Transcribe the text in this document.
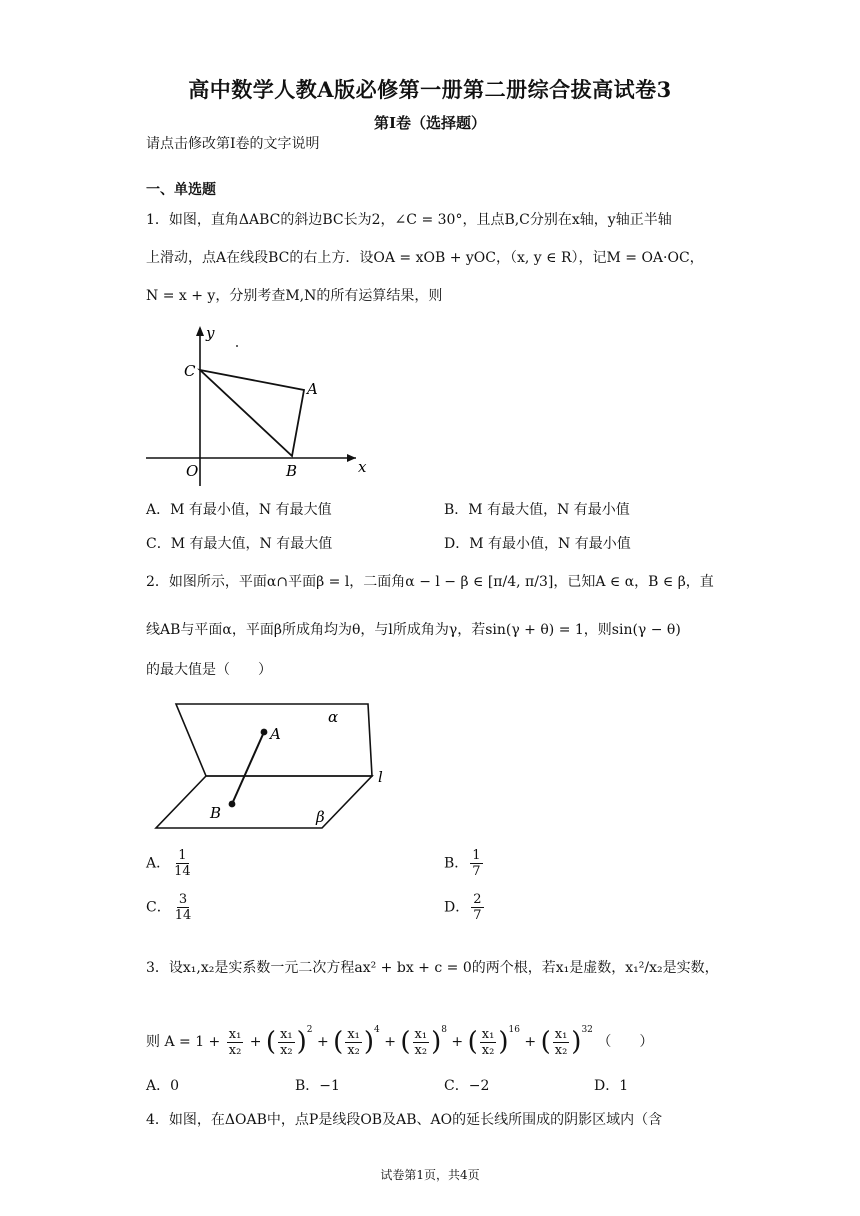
高中数学人教A版必修第一册第二册综合拔高试卷3
第I卷（选择题）
请点击修改第I卷的文字说明
一、单选题
1．如图，直角ΔABC的斜边BC长为2，∠C = 30°，且点B,C分别在x轴，y轴正半轴
上滑动，点A在线段BC的右上方．设OA = xOB + yOC，（x, y ∈ R），记M = OA·OC，
N = x + y，分别考查M,N的所有运算结果，则
y
C
A
O	B	x
A．M 有最小值，N 有最大值	B．M 有最大值，N 有最小值
C．M 有最大值，N 有最大值	D．M 有最小值，N 有最小值
2．如图所示，平面α∩平面β = l，二面角α − l − β ∈ [π/4, π/3]，已知A ∈ α，B ∈ β，直
线AB与平面α，平面β所成角均为θ，与l所成角为γ，若sin(γ + θ) = 1，则sin(γ − θ)
的最大值是（　　）
α
A
l
B	β
A． $\frac{1}{14}$	B． $\frac{1}{7}$
C． $\frac{3}{14}$	D． $\frac{2}{7}$
3．设x₁,x₂是实系数一元二次方程ax² + bx + c = 0的两个根，若x₁是虚数，x₁²/x₂是实数，
则 $A = 1 + \frac{\text{x₁}}{\text{x₂}}$ + ( $\frac{\text{x₁}}{\text{x₂}} )^2$ + ( $\frac{\text{x₁}}{\text{x₂}} )^4$ + ( $\frac{\text{x₁}}{\text{x₂}} )^8$ + ( $\frac{\text{x₁}}{\text{x₂}} )^{16}$ + ( $\frac{\text{x₁}}{\text{x₂}} )^{32}$ （　　）
A．0	B．−1	C．−2	D．1
4．如图，在ΔOAB中，点P是线段OB及AB、AO的延长线所围成的阴影区域内（含
试卷第1页，共4页
